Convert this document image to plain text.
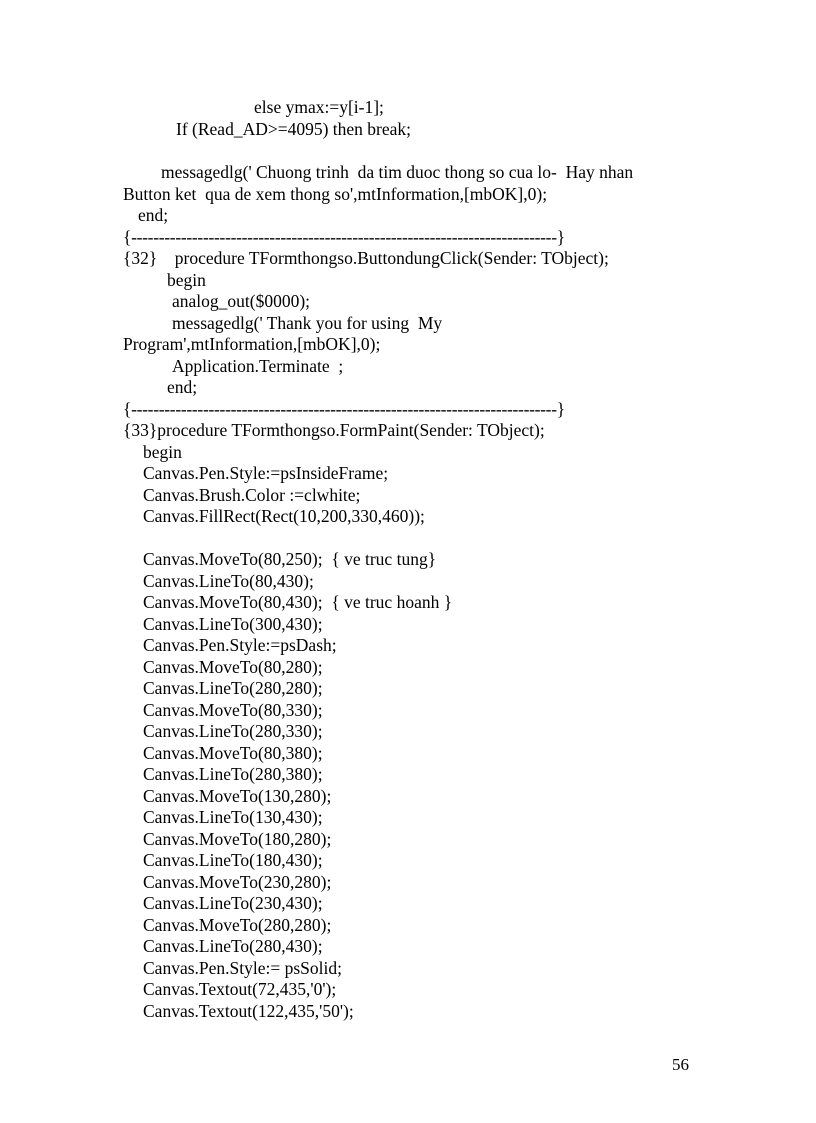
else ymax:=y[i-1];
If (Read_AD>=4095) then break;
messagedlg(' Chuong trinh  da tim duoc thong so cua lo-  Hay nhan
Button ket  qua de xem thong so',mtInformation,[mbOK],0);
end;
{-----------------------------------------------------------------------------}
{32}    procedure TFormthongso.ButtondungClick(Sender: TObject);
begin
analog_out($0000);
messagedlg(' Thank you for using  My
Program',mtInformation,[mbOK],0);
Application.Terminate  ;
end;
{-----------------------------------------------------------------------------}
{33}procedure TFormthongso.FormPaint(Sender: TObject);
begin
Canvas.Pen.Style:=psInsideFrame;
Canvas.Brush.Color :=clwhite;
Canvas.FillRect(Rect(10,200,330,460));
Canvas.MoveTo(80,250);  { ve truc tung}
Canvas.LineTo(80,430);
Canvas.MoveTo(80,430);  { ve truc hoanh }
Canvas.LineTo(300,430);
Canvas.Pen.Style:=psDash;
Canvas.MoveTo(80,280);
Canvas.LineTo(280,280);
Canvas.MoveTo(80,330);
Canvas.LineTo(280,330);
Canvas.MoveTo(80,380);
Canvas.LineTo(280,380);
Canvas.MoveTo(130,280);
Canvas.LineTo(130,430);
Canvas.MoveTo(180,280);
Canvas.LineTo(180,430);
Canvas.MoveTo(230,280);
Canvas.LineTo(230,430);
Canvas.MoveTo(280,280);
Canvas.LineTo(280,430);
Canvas.Pen.Style:= psSolid;
Canvas.Textout(72,435,'0');
Canvas.Textout(122,435,'50');
56
